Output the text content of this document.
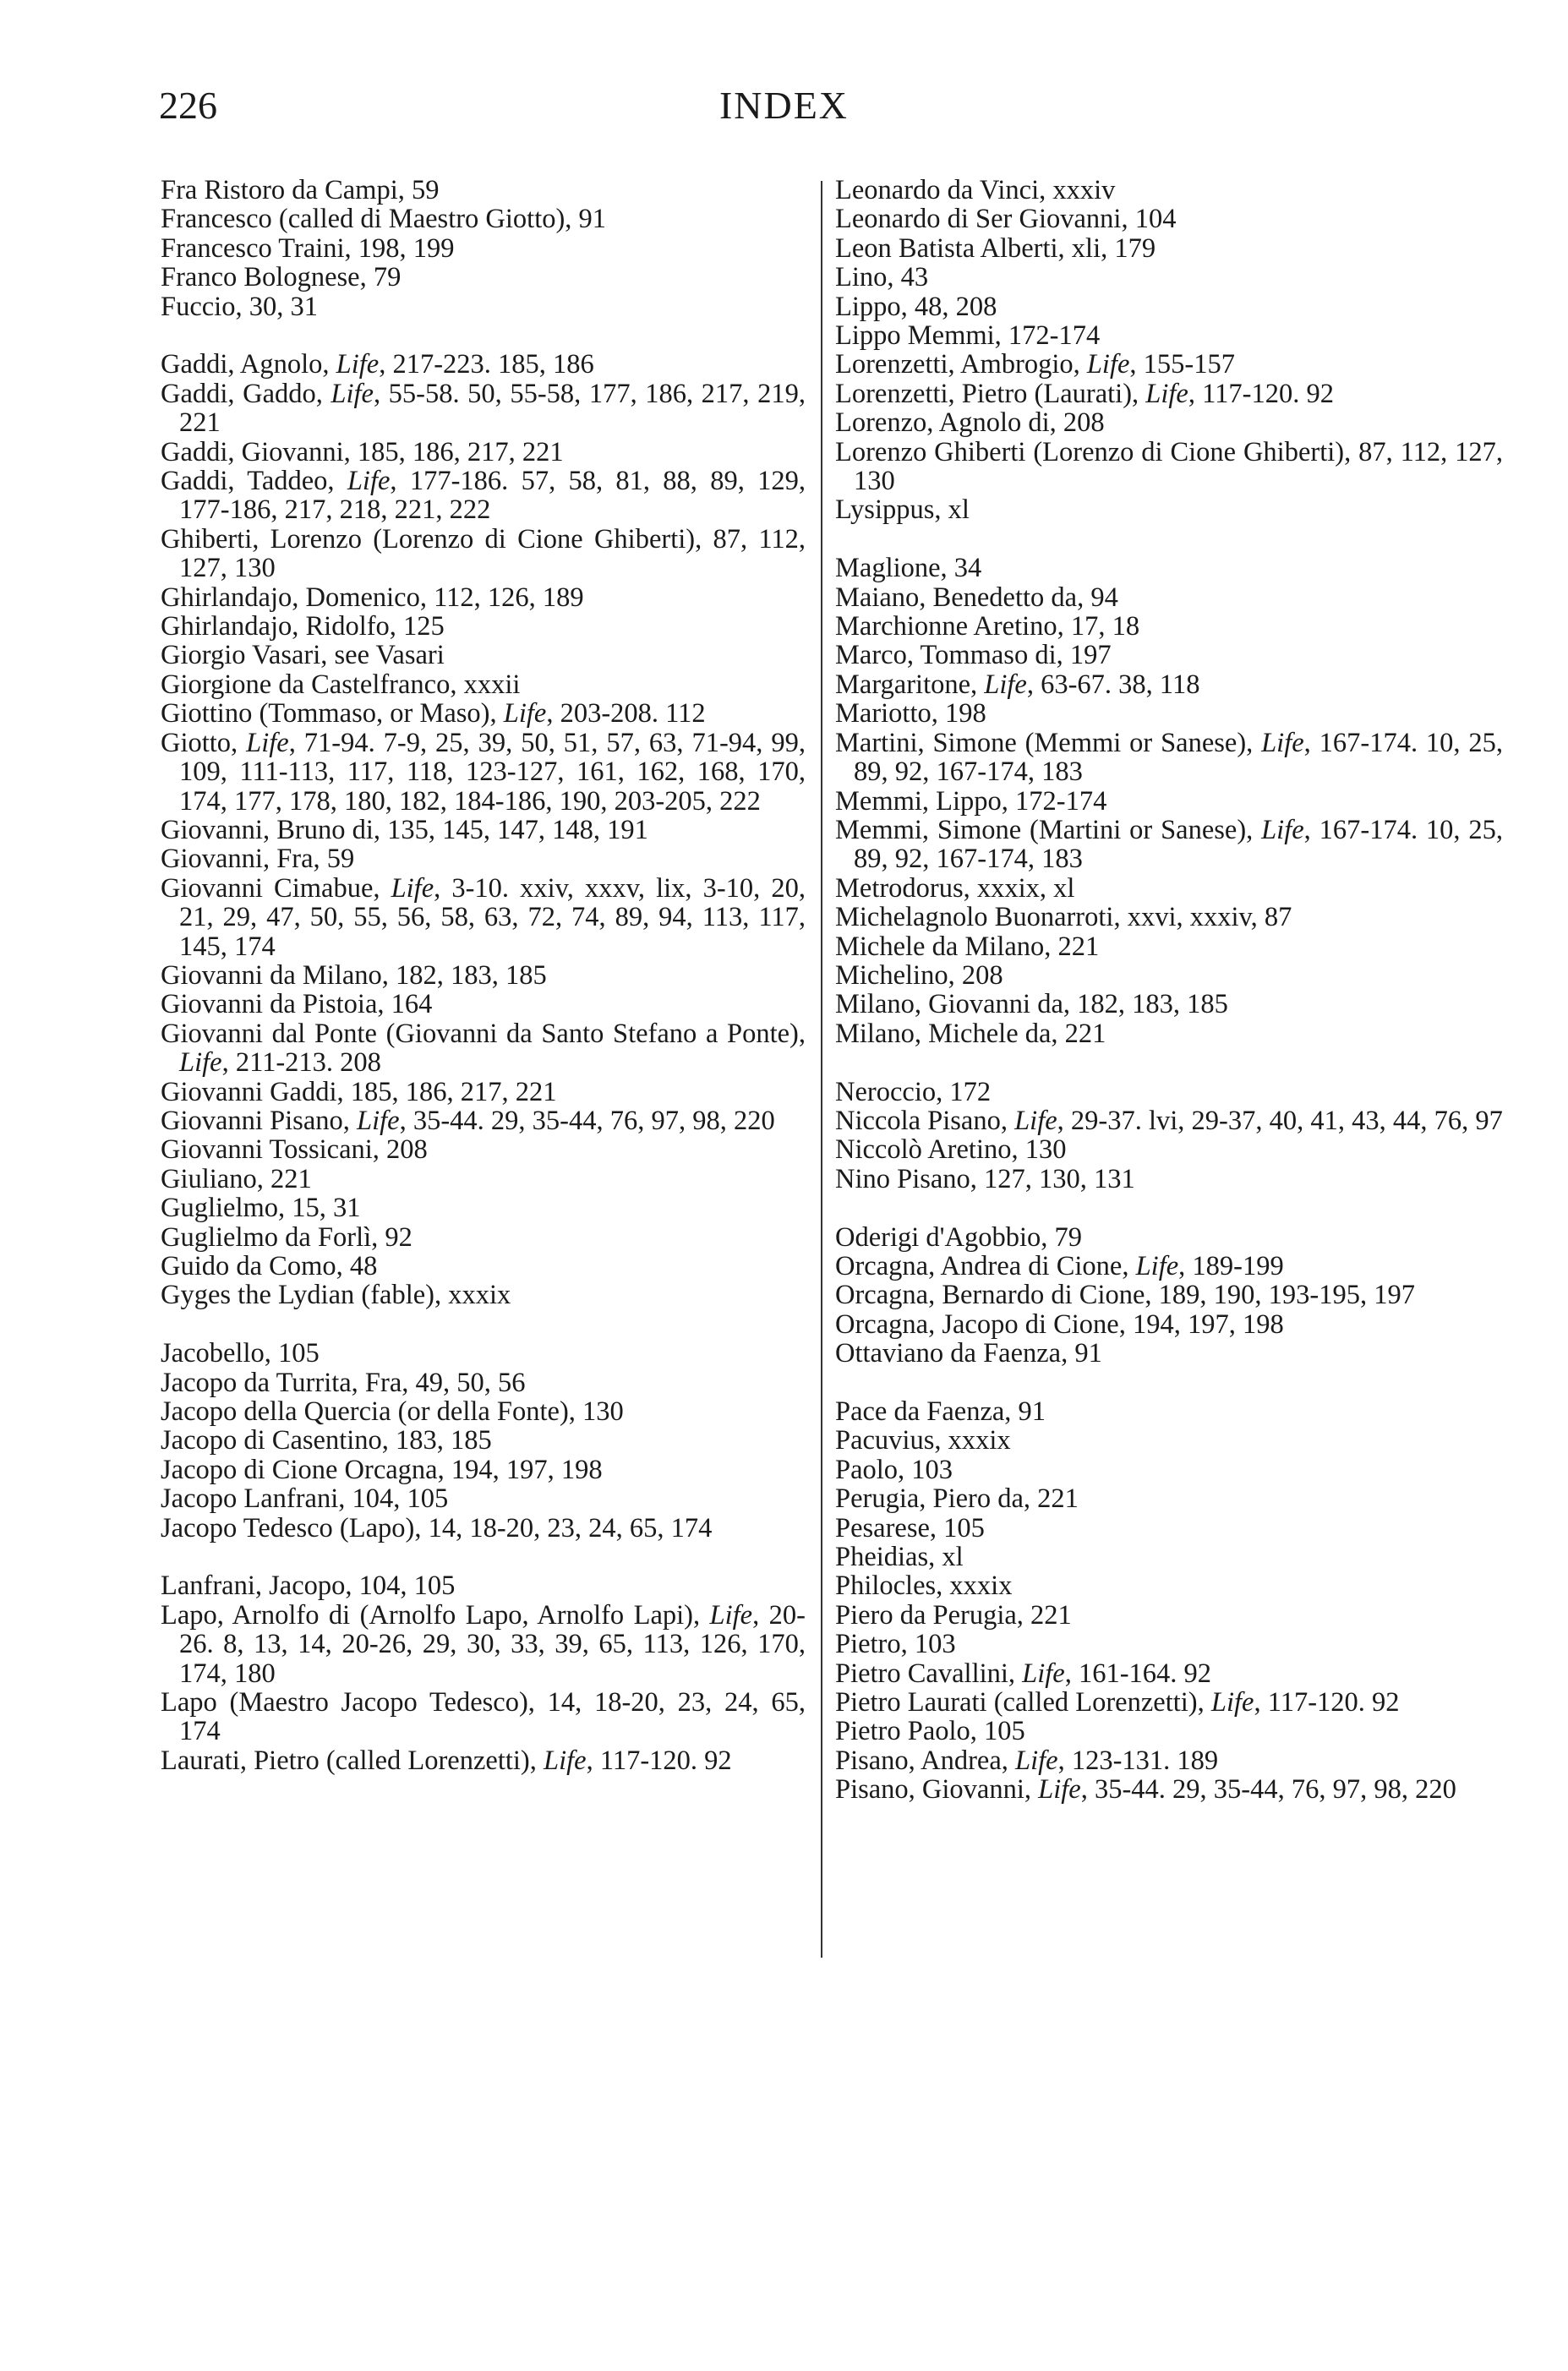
226	INDEX
Fra Ristoro da Campi, 59
Francesco (called di Maestro Giotto), 91
Francesco Traini, 198, 199
Franco Bolognese, 79
Fuccio, 30, 31
Gaddi, Agnolo, Life, 217-223. 185, 186
Gaddi, Gaddo, Life, 55-58. 50, 55-58, 177, 186, 217, 219, 221
Gaddi, Giovanni, 185, 186, 217, 221
Gaddi, Taddeo, Life, 177-186. 57, 58, 81, 88, 89, 129, 177-186, 217, 218, 221, 222
Ghiberti, Lorenzo (Lorenzo di Cione Ghiberti), 87, 112, 127, 130
Ghirlandajo, Domenico, 112, 126, 189
Ghirlandajo, Ridolfo, 125
Giorgio Vasari, see Vasari
Giorgione da Castelfranco, xxxii
Giottino (Tommaso, or Maso), Life, 203-208. 112
Giotto, Life, 71-94. 7-9, 25, 39, 50, 51, 57, 63, 71-94, 99, 109, 111-113, 117, 118, 123-127, 161, 162, 168, 170, 174, 177, 178, 180, 182, 184-186, 190, 203-205, 222
Giovanni, Bruno di, 135, 145, 147, 148, 191
Giovanni, Fra, 59
Giovanni Cimabue, Life, 3-10. xxiv, xxxv, lix, 3-10, 20, 21, 29, 47, 50, 55, 56, 58, 63, 72, 74, 89, 94, 113, 117, 145, 174
Giovanni da Milano, 182, 183, 185
Giovanni da Pistoia, 164
Giovanni dal Ponte (Giovanni da Santo Stefano a Ponte), Life, 211-213. 208
Giovanni Gaddi, 185, 186, 217, 221
Giovanni Pisano, Life, 35-44. 29, 35-44, 76, 97, 98, 220
Giovanni Tossicani, 208
Giuliano, 221
Guglielmo, 15, 31
Guglielmo da Forlì, 92
Guido da Como, 48
Gyges the Lydian (fable), xxxix
Jacobello, 105
Jacopo da Turrita, Fra, 49, 50, 56
Jacopo della Quercia (or della Fonte), 130
Jacopo di Casentino, 183, 185
Jacopo di Cione Orcagna, 194, 197, 198
Jacopo Lanfrani, 104, 105
Jacopo Tedesco (Lapo), 14, 18-20, 23, 24, 65, 174
Lanfrani, Jacopo, 104, 105
Lapo, Arnolfo di (Arnolfo Lapo, Arnolfo Lapi), Life, 20-26. 8, 13, 14, 20-26, 29, 30, 33, 39, 65, 113, 126, 170, 174, 180
Lapo (Maestro Jacopo Tedesco), 14, 18-20, 23, 24, 65, 174
Laurati, Pietro (called Lorenzetti), Life, 117-120. 92
Leonardo da Vinci, xxxiv
Leonardo di Ser Giovanni, 104
Leon Batista Alberti, xli, 179
Lino, 43
Lippo, 48, 208
Lippo Memmi, 172-174
Lorenzetti, Ambrogio, Life, 155-157
Lorenzetti, Pietro (Laurati), Life, 117-120. 92
Lorenzo, Agnolo di, 208
Lorenzo Ghiberti (Lorenzo di Cione Ghiberti), 87, 112, 127, 130
Lysippus, xl
Maglione, 34
Maiano, Benedetto da, 94
Marchionne Aretino, 17, 18
Marco, Tommaso di, 197
Margaritone, Life, 63-67. 38, 118
Mariotto, 198
Martini, Simone (Memmi or Sanese), Life, 167-174. 10, 25, 89, 92, 167-174, 183
Memmi, Lippo, 172-174
Memmi, Simone (Martini or Sanese), Life, 167-174. 10, 25, 89, 92, 167-174, 183
Metrodorus, xxxix, xl
Michelagnolo Buonarroti, xxvi, xxxiv, 87
Michele da Milano, 221
Michelino, 208
Milano, Giovanni da, 182, 183, 185
Milano, Michele da, 221
Neroccio, 172
Niccola Pisano, Life, 29-37. lvi, 29-37, 40, 41, 43, 44, 76, 97
Niccolò Aretino, 130
Nino Pisano, 127, 130, 131
Oderigi d'Agobbio, 79
Orcagna, Andrea di Cione, Life, 189-199
Orcagna, Bernardo di Cione, 189, 190, 193-195, 197
Orcagna, Jacopo di Cione, 194, 197, 198
Ottaviano da Faenza, 91
Pace da Faenza, 91
Pacuvius, xxxix
Paolo, 103
Perugia, Piero da, 221
Pesarese, 105
Pheidias, xl
Philocles, xxxix
Piero da Perugia, 221
Pietro, 103
Pietro Cavallini, Life, 161-164. 92
Pietro Laurati (called Lorenzetti), Life, 117-120. 92
Pietro Paolo, 105
Pisano, Andrea, Life, 123-131. 189
Pisano, Giovanni, Life, 35-44. 29, 35-44, 76, 97, 98, 220
